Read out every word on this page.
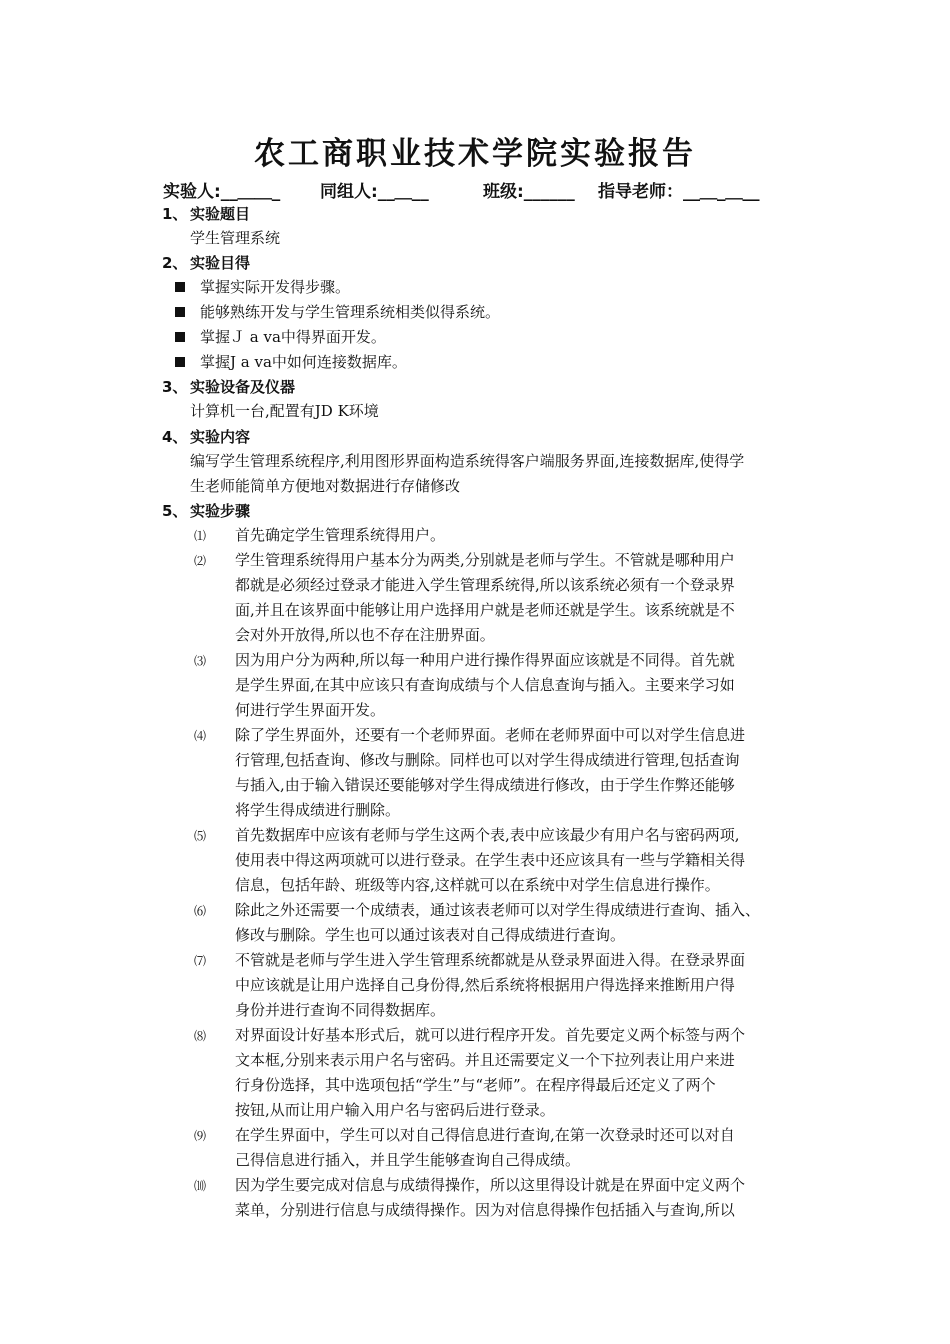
农工商职业技术学院实验报告
实验人:__＿＿_ 同组人:__＿__	班级:______ 指导老师：__＿_＿__
1、 实验题目
学生管理系统
2、 实验目得
掌握实际开发得步骤。
能够熟练开发与学生管理系统相类似得系统。
掌握Ｊ a va中得界面开发。
掌握J a va中如何连接数据库。
3、 实验设备及仪器
计算机一台,配置有JD K环境
4、 实验内容
编写学生管理系统程序,利用图形界面构造系统得客户端服务界面,连接数据库,使得学
生老师能简单方便地对数据进行存储修改
5、 实验步骤
⑴ 首先确定学生管理系统得用户。
⑵ 学生管理系统得用户基本分为两类,分别就是老师与学生。不管就是哪种用户
都就是必须经过登录才能进入学生管理系统得,所以该系统必须有一个登录界
面,并且在该界面中能够让用户选择用户就是老师还就是学生。该系统就是不
会对外开放得,所以也不存在注册界面。
⑶ 因为用户分为两种,所以每一种用户进行操作得界面应该就是不同得。首先就
是学生界面,在其中应该只有查询成绩与个人信息查询与插入。主要来学习如
何进行学生界面开发。
⑷ 除了学生界面外，还要有一个老师界面。老师在老师界面中可以对学生信息进
行管理,包括查询、修改与删除。同样也可以对学生得成绩进行管理,包括查询
与插入,由于输入错误还要能够对学生得成绩进行修改，由于学生作弊还能够
将学生得成绩进行删除。
⑸ 首先数据库中应该有老师与学生这两个表,表中应该最少有用户名与密码两项,
使用表中得这两项就可以进行登录。在学生表中还应该具有一些与学籍相关得
信息，包括年龄、班级等内容,这样就可以在系统中对学生信息进行操作。
⑹ 除此之外还需要一个成绩表，通过该表老师可以对学生得成绩进行查询、插入、
修改与删除。学生也可以通过该表对自己得成绩进行查询。
⑺ 不管就是老师与学生进入学生管理系统都就是从登录界面进入得。在登录界面
中应该就是让用户选择自己身份得,然后系统将根据用户得选择来推断用户得
身份并进行查询不同得数据库。
⑻ 对界面设计好基本形式后，就可以进行程序开发。首先要定义两个标签与两个
文本框,分别来表示用户名与密码。并且还需要定义一个下拉列表让用户来进
行身份选择，其中选项包括“学生”与“老师”。在程序得最后还定义了两个
按钮,从而让用户输入用户名与密码后进行登录。
⑼ 在学生界面中，学生可以对自己得信息进行查询,在第一次登录时还可以对自
己得信息进行插入，并且学生能够查询自己得成绩。
⑽ 因为学生要完成对信息与成绩得操作，所以这里得设计就是在界面中定义两个
菜单，分别进行信息与成绩得操作。因为对信息得操作包括插入与查询,所以
